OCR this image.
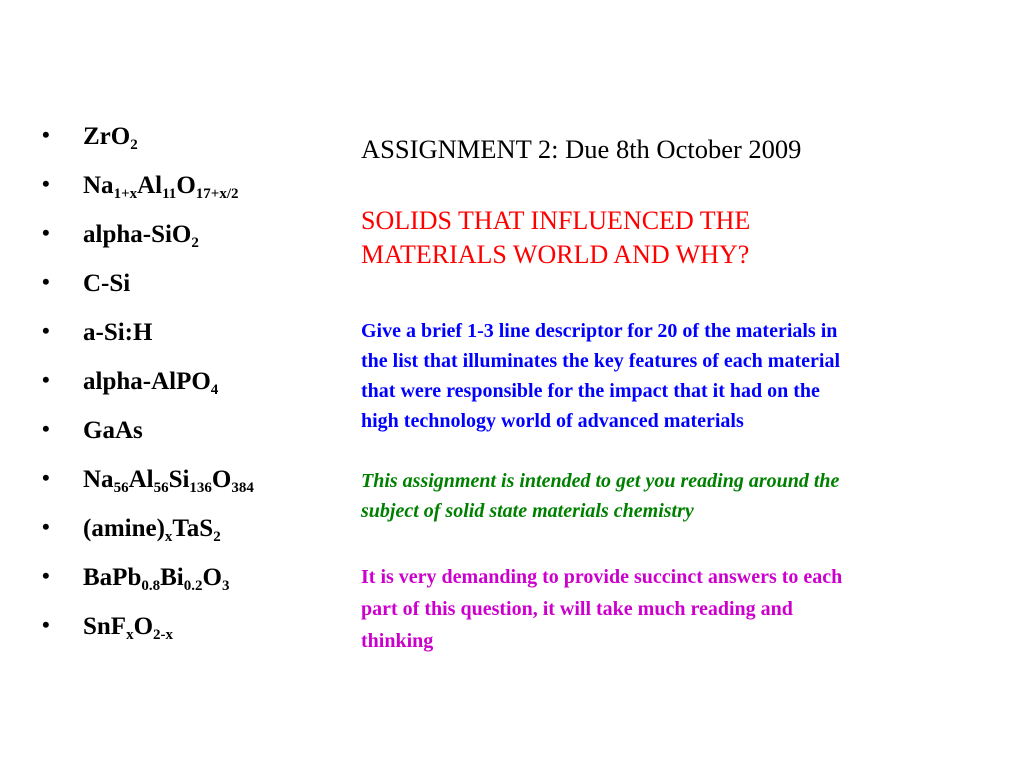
• ZrO$_2$
• $Na_{1+x}Al_{11}O_{17+x/2}$
• alpha-SiO$_2$
• C-Si
• a-Si:H
• alpha-AlPO$_4$
• GaAs
• $Na_{56}Al_{56}Si_{136}O_{384}$
• $(amine)_xTaS_2$
• $BaPb_{0.8}Bi_{0.2}O_3$
• $SnF_xO_{2-x}$
ASSIGNMENT 2: Due 8th October 2009
SOLIDS THAT INFLUENCED THE
MATERIALS WORLD AND WHY?
Give a brief 1-3 line descriptor for 20 of the materials in
the list that illuminates the key features of each material
that were responsible for the impact that it had on the
high technology world of advanced materials
This assignment is intended to get you reading around the
subject of solid state materials chemistry
It is very demanding to provide succinct answers to each
part of this question, it will take much reading and
thinking
